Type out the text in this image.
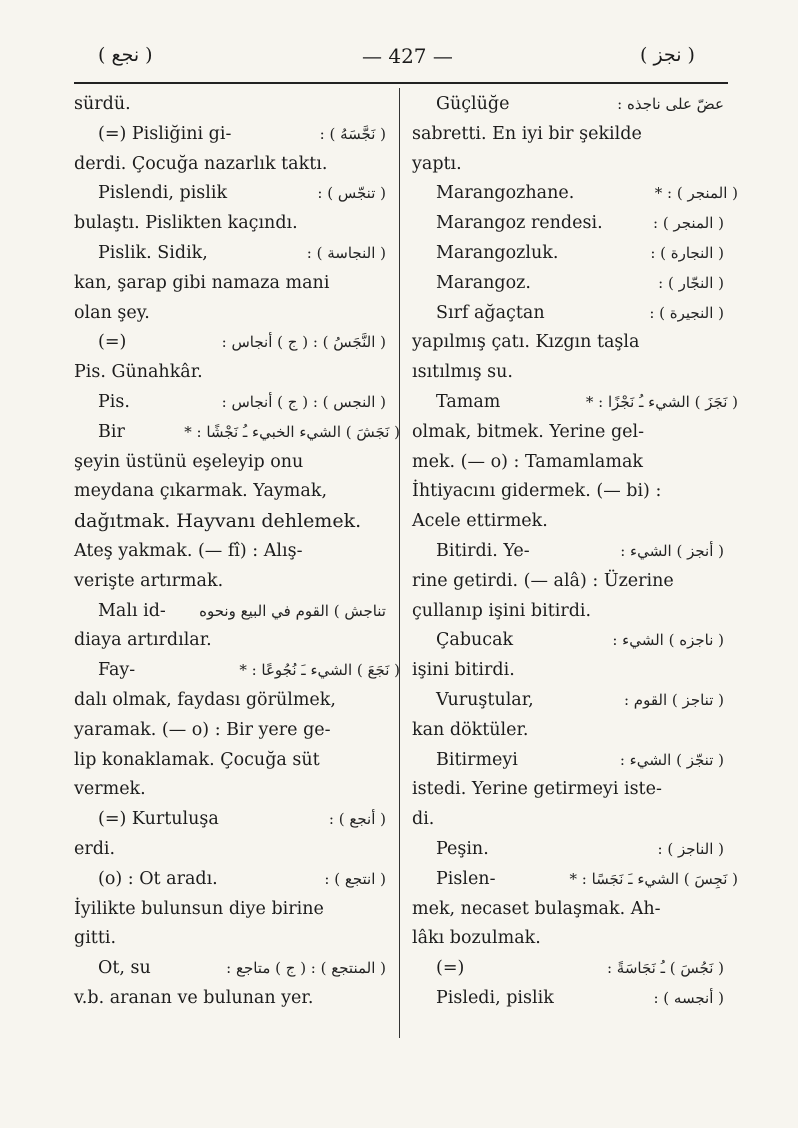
( نجع )	— 427 —	( نجز )
sürdü.
(=) Pisliğini gi-	( نَجَّسَهُ ) :
derdi. Çocuğa nazarlık taktı.
Pislendi, pislik	( تنجّس ) :
bulaştı. Pislikten kaçındı.
Pislik. Sidik,	( النجاسة ) :
kan, şarap gibi namaza mani
olan şey.
(=)	( النَّجَسُ ) : ( ج ) أنجاس :
Pis. Günahkâr.
Pis.	( النجس ) : ( ج ) أنجاس :
Bir	( نَجَشَ ) الشيء الخبيء ـُ نَجْشًا : *
şeyin üstünü eşeleyip onu
meydana çıkarmak. Yaymak,
dağıtmak. Hayvanı dehlemek.
Ateş yakmak. (— fî) : Alış-
verişte artırmak.
Malı id- تناجش ) القوم في البيع ونحوه
diaya artırdılar.
Fay-	( نَجَعَ ) الشيء ـَ نُجُوعًا : *
dalı olmak, faydası görülmek,
yaramak. (— o) : Bir yere ge-
lip konaklamak. Çocuğa süt
vermek.
(=) Kurtuluşa	( أنجع ) :
erdi.
(o) : Ot aradı.	( انتجع ) :
İyilikte bulunsun diye birine
gitti.
Ot, su	( المنتجع ) : ( ج ) متاجع :
v.b. aranan ve bulunan yer.
Güçlüğe	عضّ على ناجذه :
sabretti. En iyi bir şekilde
yaptı.
Marangozhane.	( المنجر ) : *
Marangoz rendesi.	( المنجر ) :
Marangozluk.	( النجارة ) :
Marangoz.	( النجّار ) :
Sırf ağaçtan	( النجيرة ) :
yapılmış çatı. Kızgın taşla
ısıtılmış su.
Tamam	( نَجَزَ ) الشيء ـُ نَجْزًا : *
olmak, bitmek. Yerine gel-
mek. (— o) : Tamamlamak
İhtiyacını gidermek. (— bi) :
Acele ettirmek.
Bitirdi. Ye-	( أنجز ) الشيء :
rine getirdi. (— alâ) : Üzerine
çullanıp işini bitirdi.
Çabucak	( ناجزه ) الشيء :
işini bitirdi.
Vuruştular,	( تناجز ) القوم :
kan döktüler.
Bitirmeyi	( تنجّز ) الشيء :
istedi. Yerine getirmeyi iste-
di.
Peşin.	( الناجز ) :
Pislen-	( نَجِسَ ) الشيء ـَ نَجَسًا : *
mek, necaset bulaşmak. Ah-
lâkı bozulmak.
(=)	( نَجُسَ ) ـُ نَجَاسَةً :
Pisledi, pislik	( أنجسه ) :
